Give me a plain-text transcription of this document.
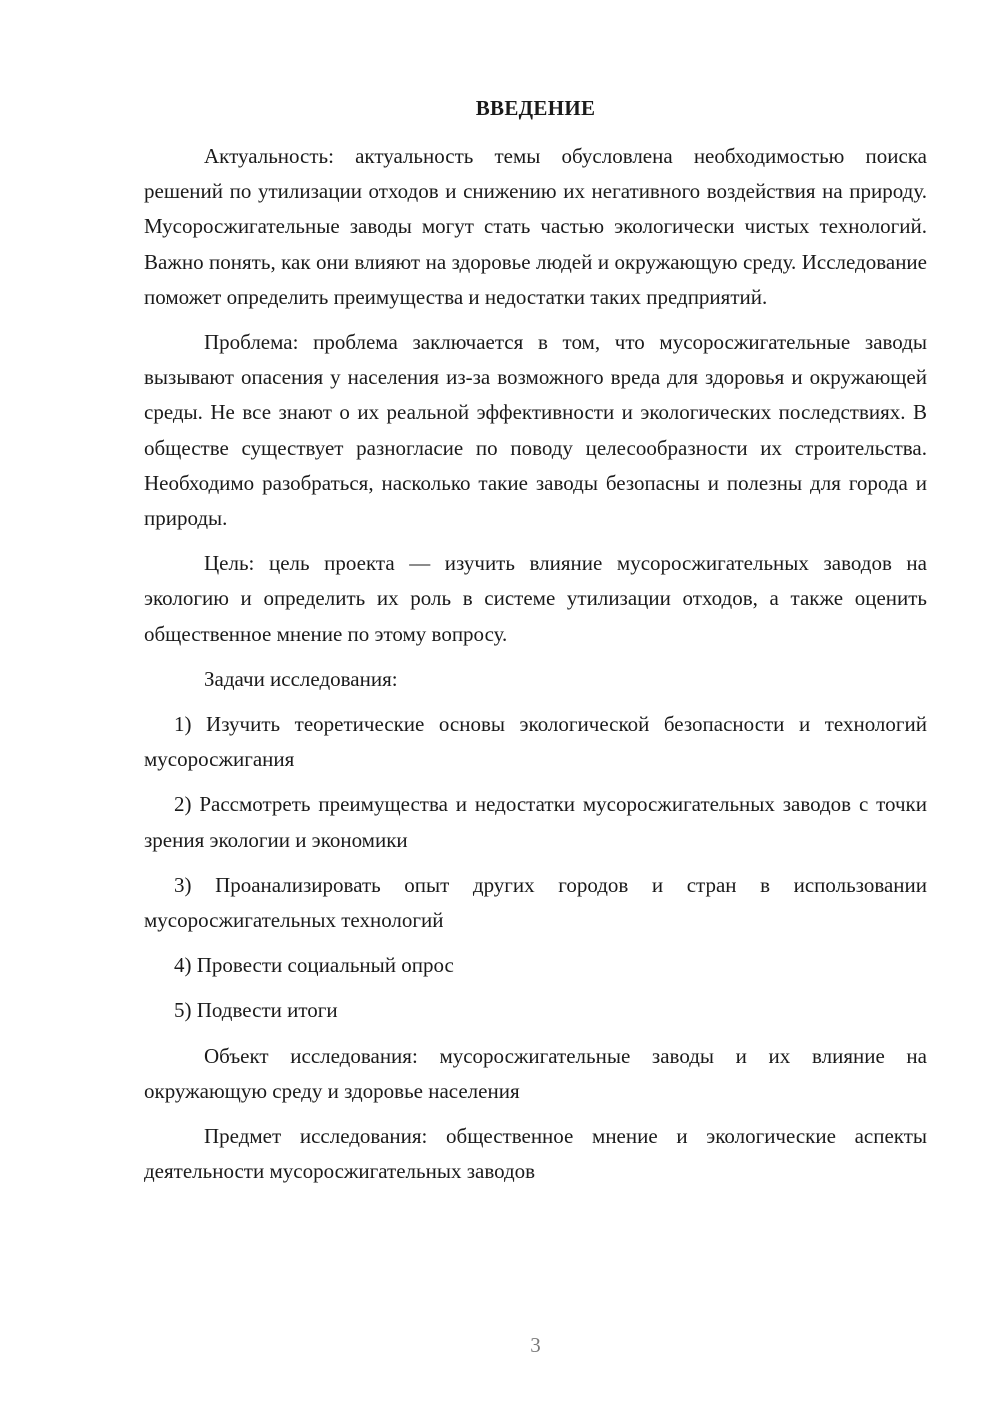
ВВЕДЕНИЕ

Актуальность: актуальность темы обусловлена необходимостью поиска решений по утилизации отходов и снижению их негативного воздействия на природу. Мусоросжигательные заводы могут стать частью экологически чистых технологий. Важно понять, как они влияют на здоровье людей и окружающую среду. Исследование поможет определить преимущества и недостатки таких предприятий.

Проблема: проблема заключается в том, что мусоросжигательные заводы вызывают опасения у населения из-за возможного вреда для здоровья и окружающей среды. Не все знают о их реальной эффективности и экологических последствиях. В обществе существует разногласие по поводу целесообразности их строительства. Необходимо разобраться, насколько такие заводы безопасны и полезны для города и природы.

Цель: цель проекта — изучить влияние мусоросжигательных заводов на экологию и определить их роль в системе утилизации отходов, а также оценить общественное мнение по этому вопросу.

Задачи исследования:

1) Изучить теоретические основы экологической безопасности и технологий мусоросжигания

2) Рассмотреть преимущества и недостатки мусоросжигательных заводов с точки зрения экологии и экономики

3) Проанализировать опыт других городов и стран в использовании мусоросжигательных технологий

4) Провести социальный опрос

5) Подвести итоги

Объект исследования: мусоросжигательные заводы и их влияние на окружающую среду и здоровье населения

Предмет исследования: общественное мнение и экологические аспекты деятельности мусоросжигательных заводов

3
